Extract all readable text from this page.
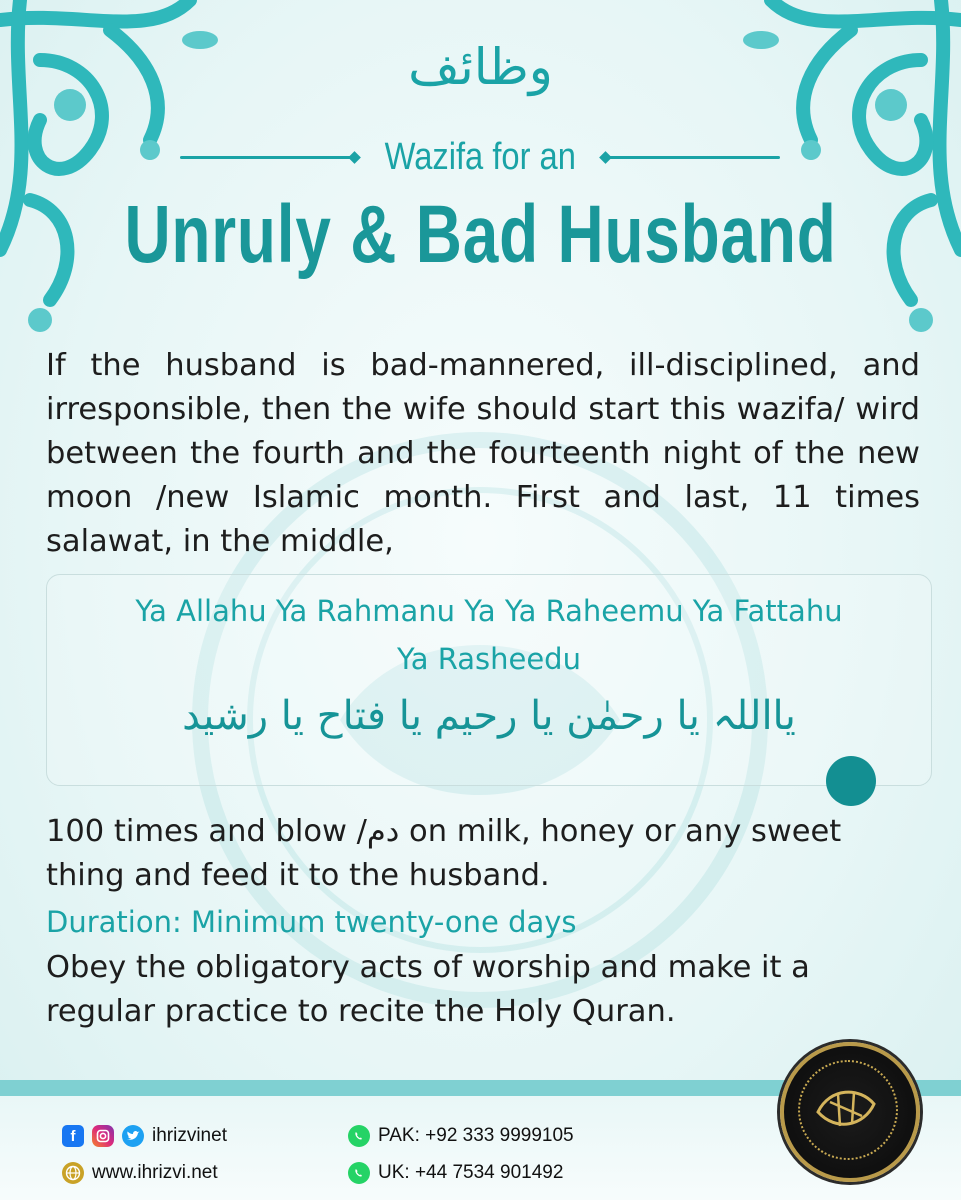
وظائف
Wazifa for an
Unruly & Bad Husband
If the husband is bad-mannered, ill-disciplined, and irresponsible, then the wife should start this wazifa/ wird between the fourth and the fourteenth night of the new moon /new Islamic month. First and last, 11 times salawat, in the middle,
Ya Allahu Ya Rahmanu Ya Ya Raheemu Ya Fattahu
Ya Rasheedu
یااللہ یا رحمٰن یا رحیم یا فتاح یا رشید
100 times and blow /دم on milk, honey or any sweet thing and feed it to the husband.
Duration: Minimum twenty-one days
Obey the obligatory acts of worship and make it a regular practice to recite the Holy Quran.
f	ihrizvinet
www.ihrizvi.net
PAK: +92 333 9999105
UK: +44 7534 901492
